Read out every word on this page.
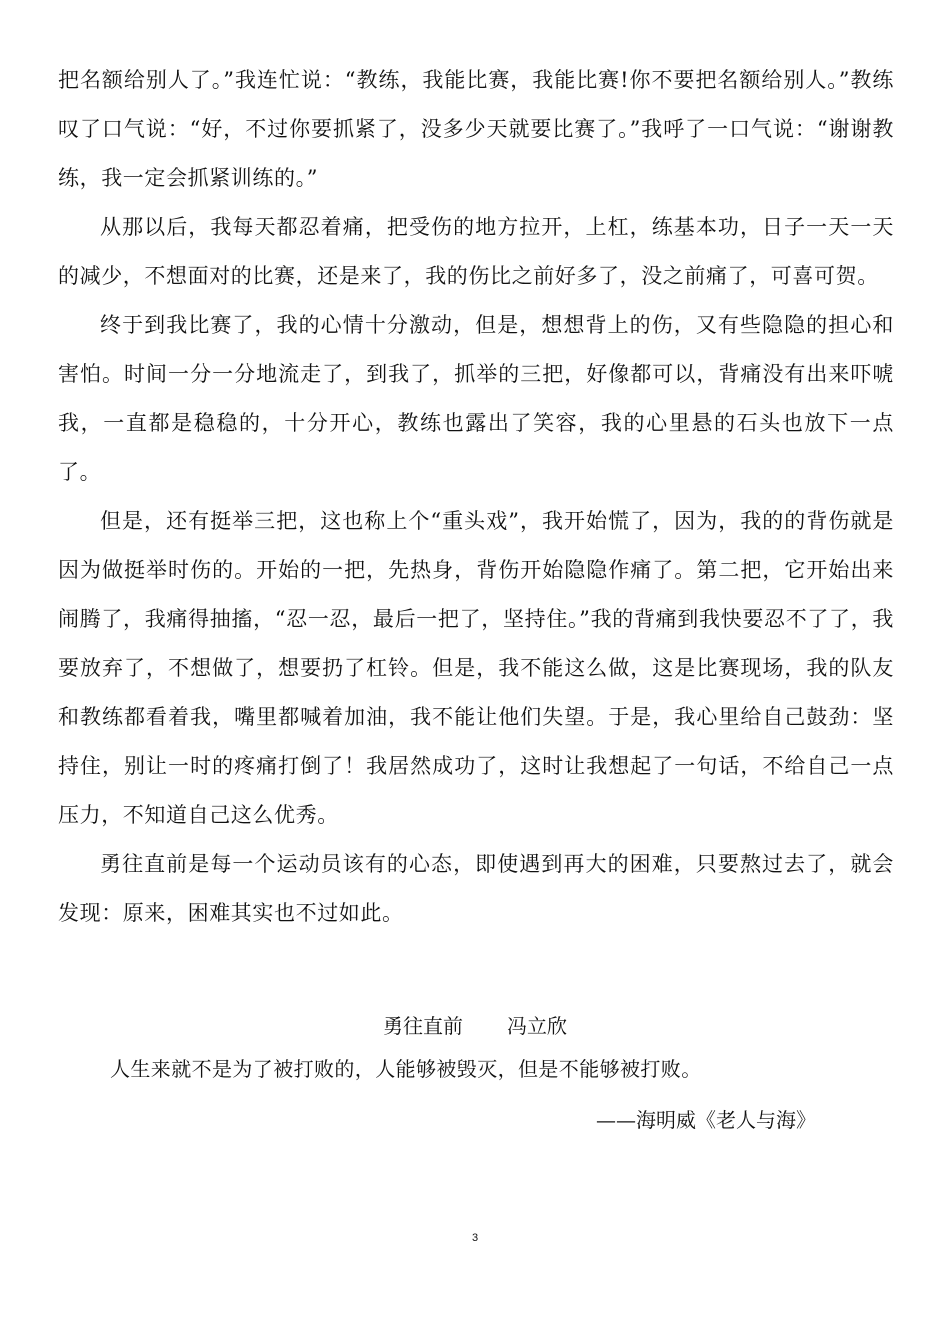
把名额给别人了。”我连忙说：“教练，我能比赛，我能比赛!你不要把名额给别人。”教练叹了口气说：“好，不过你要抓紧了，没多少天就要比赛了。”我呼了一口气说：“谢谢教练，我一定会抓紧训练的。”

从那以后，我每天都忍着痛，把受伤的地方拉开，上杠，练基本功，日子一天一天的减少，不想面对的比赛，还是来了，我的伤比之前好多了，没之前痛了，可喜可贺。

终于到我比赛了，我的心情十分激动，但是，想想背上的伤，又有些隐隐的担心和害怕。时间一分一分地流走了，到我了，抓举的三把，好像都可以，背痛没有出来吓唬我，一直都是稳稳的，十分开心，教练也露出了笑容，我的心里悬的石头也放下一点了。

但是，还有挺举三把，这也称上个“重头戏”，我开始慌了，因为，我的的背伤就是因为做挺举时伤的。开始的一把，先热身，背伤开始隐隐作痛了。第二把，它开始出来闹腾了，我痛得抽搐，“忍一忍，最后一把了，坚持住。”我的背痛到我快要忍不了了，我要放弃了，不想做了，想要扔了杠铃。但是，我不能这么做，这是比赛现场，我的队友和教练都看着我，嘴里都喊着加油，我不能让他们失望。于是，我心里给自己鼓劲：坚持住，别让一时的疼痛打倒了！我居然成功了，这时让我想起了一句话，不给自己一点压力，不知道自己这么优秀。

勇往直前是每一个运动员该有的心态，即使遇到再大的困难，只要熬过去了，就会发现：原来，困难其实也不过如此。

勇往直前 冯立欣
人生来就不是为了被打败的，人能够被毁灭，但是不能够被打败。
——海明威《老人与海》
3
